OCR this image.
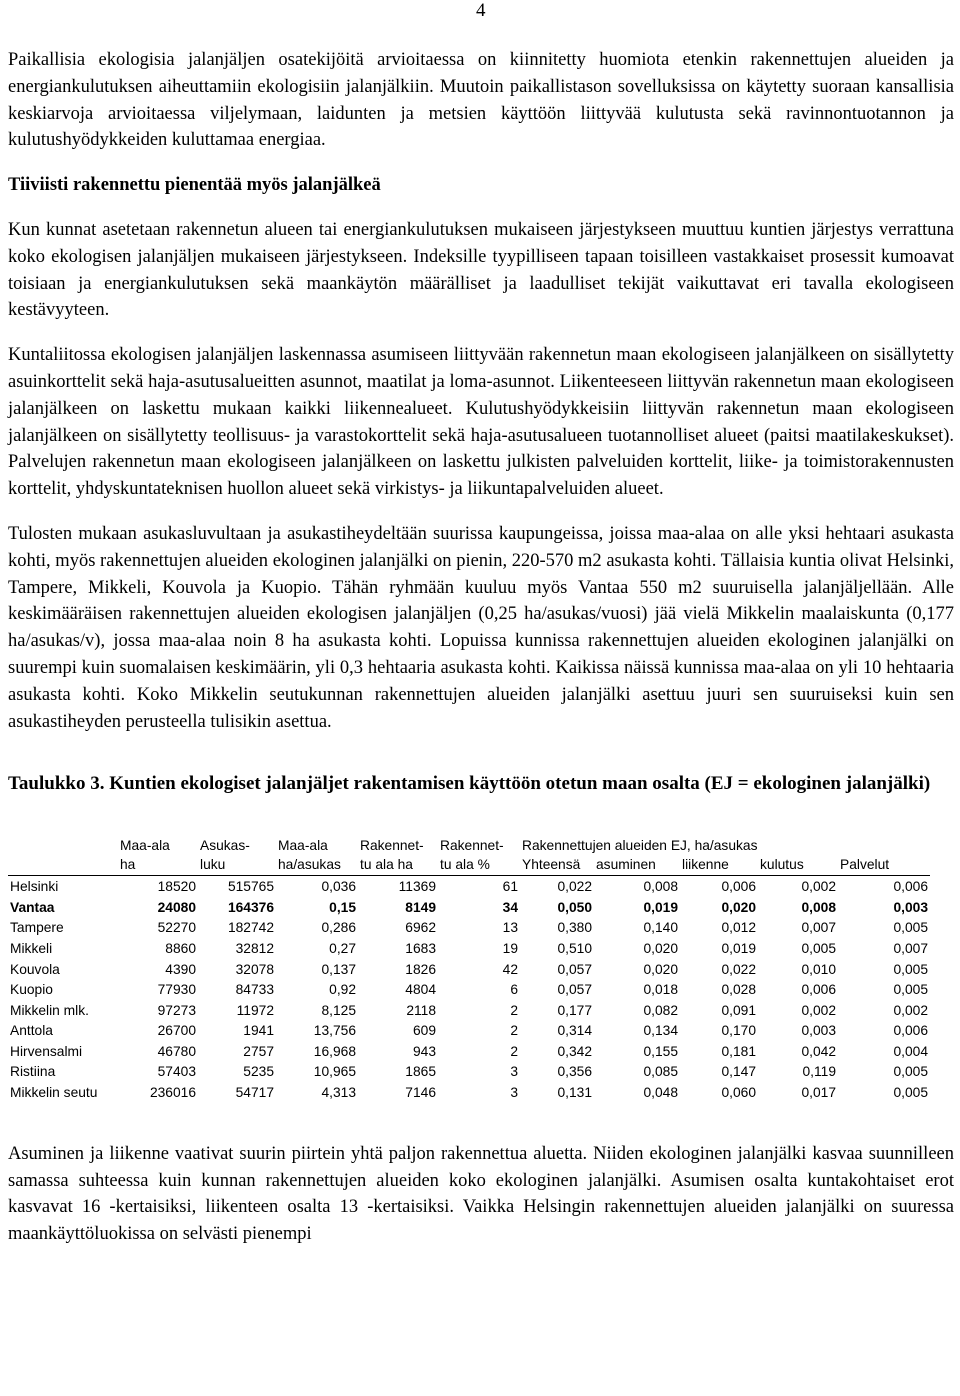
4

Paikallisia ekologisia jalanjäljen osatekijöitä arvioitaessa on kiinnitetty huomiota etenkin rakennettujen alueiden ja energiankulutuksen aiheuttamiin ekologisiin jalanjälkiin. Muutoin paikallistason sovelluksissa on käytetty suoraan kansallisia keskiarvoja arvioitaessa viljelymaan, laidunten ja metsien käyttöön liittyvää kulutusta sekä ravinnontuotannon ja kulutushyödykkeiden kuluttamaa energiaa.

Tiiviisti rakennettu pienentää myös jalanjälkeä

Kun kunnat asetetaan rakennetun alueen tai energiankulutuksen mukaiseen järjestykseen muuttuu kuntien järjestys verrattuna koko ekologisen jalanjäljen mukaiseen järjestykseen. Indeksille tyypilliseen tapaan toisilleen vastakkaiset prosessit kumoavat toisiaan ja energiankulutuksen sekä maankäytön määrälliset ja laadulliset tekijät vaikuttavat eri tavalla ekologiseen kestävyyteen.

Kuntaliitossa ekologisen jalanjäljen laskennassa asumiseen liittyvään rakennetun maan ekologiseen jalanjälkeen on sisällytetty asuinkorttelit sekä haja-asutusalueitten asunnot, maatilat ja loma-asunnot. Liikenteeseen liittyvän rakennetun maan ekologiseen jalanjälkeen on laskettu mukaan kaikki liikennealueet. Kulutushyödykkeisiin liittyvän rakennetun maan ekologiseen jalanjälkeen on sisällytetty teollisuus- ja varastokorttelit sekä haja-asutusalueen tuotannolliset alueet (paitsi maatilakeskukset). Palvelujen rakennetun maan ekologiseen jalanjälkeen on laskettu julkisten palveluiden korttelit, liike- ja toimistorakennusten korttelit, yhdyskuntateknisen huollon alueet sekä virkistys- ja liikuntapalveluiden alueet.

Tulosten mukaan asukasluvultaan ja asukastiheydeltään suurissa kaupungeissa, joissa maa-alaa on alle yksi hehtaari asukasta kohti, myös rakennettujen alueiden ekologinen jalanjälki on pienin, 220-570 m2 asukasta kohti. Tällaisia kuntia olivat Helsinki, Tampere, Mikkeli, Kouvola ja Kuopio. Tähän ryhmään kuuluu myös Vantaa 550 m2 suuruisella jalanjäljellään. Alle keskimääräisen rakennettujen alueiden ekologisen jalanjäljen (0,25 ha/asukas/vuosi) jää vielä Mikkelin maalaiskunta (0,177 ha/asukas/v), jossa maa-alaa noin 8 ha asukasta kohti. Lopuissa kunnissa rakennettujen alueiden ekologinen jalanjälki on suurempi kuin suomalaisen keskimäärin, yli 0,3 hehtaaria asukasta kohti. Kaikissa näissä kunnissa maa-alaa on yli 10 hehtaaria asukasta kohti. Koko Mikkelin seutukunnan rakennettujen alueiden jalanjälki asettuu juuri sen suuruiseksi kuin sen asukastiheyden perusteella tulisikin asettua.

Taulukko 3. Kuntien ekologiset jalanjäljet rakentamisen käyttöön otetun maan osalta (EJ = ekologinen jalanjälki)

	Maa-ala	Asukas-	Maa-ala	Rakennet-	Rakennet-	Rakennettujen alueiden EJ, ha/asukas				
	ha	luku	ha/asukas	tu ala ha	tu ala %	Yhteensä	asuminen	liikenne	kulutus	Palvelut
Helsinki	18520	515765	0,036	11369	61	0,022	0,008	0,006	0,002	0,006
Vantaa	24080	164376	0,15	8149	34	0,050	0,019	0,020	0,008	0,003
Tampere	52270	182742	0,286	6962	13	0,380	0,140	0,012	0,007	0,005
Mikkeli	8860	32812	0,27	1683	19	0,510	0,020	0,019	0,005	0,007
Kouvola	4390	32078	0,137	1826	42	0,057	0,020	0,022	0,010	0,005
Kuopio	77930	84733	0,92	4804	6	0,057	0,018	0,028	0,006	0,005
Mikkelin mlk.	97273	11972	8,125	2118	2	0,177	0,082	0,091	0,002	0,002
Anttola	26700	1941	13,756	609	2	0,314	0,134	0,170	0,003	0,006
Hirvensalmi	46780	2757	16,968	943	2	0,342	0,155	0,181	0,042	0,004
Ristiina	57403	5235	10,965	1865	3	0,356	0,085	0,147	0,119	0,005
Mikkelin seutu	236016	54717	4,313	7146	3	0,131	0,048	0,060	0,017	0,005

Asuminen ja liikenne vaativat suurin piirtein yhtä paljon rakennettua aluetta. Niiden ekologinen jalanjälki kasvaa suunnilleen samassa suhteessa kuin kunnan rakennettujen alueiden koko ekologinen jalanjälki. Asumisen osalta kuntakohtaiset erot kasvavat 16 -kertaisiksi, liikenteen osalta 13 -kertaisiksi. Vaikka Helsingin rakennettujen alueiden jalanjälki on suuressa maankäyttöluokissa on selvästi pienempi
